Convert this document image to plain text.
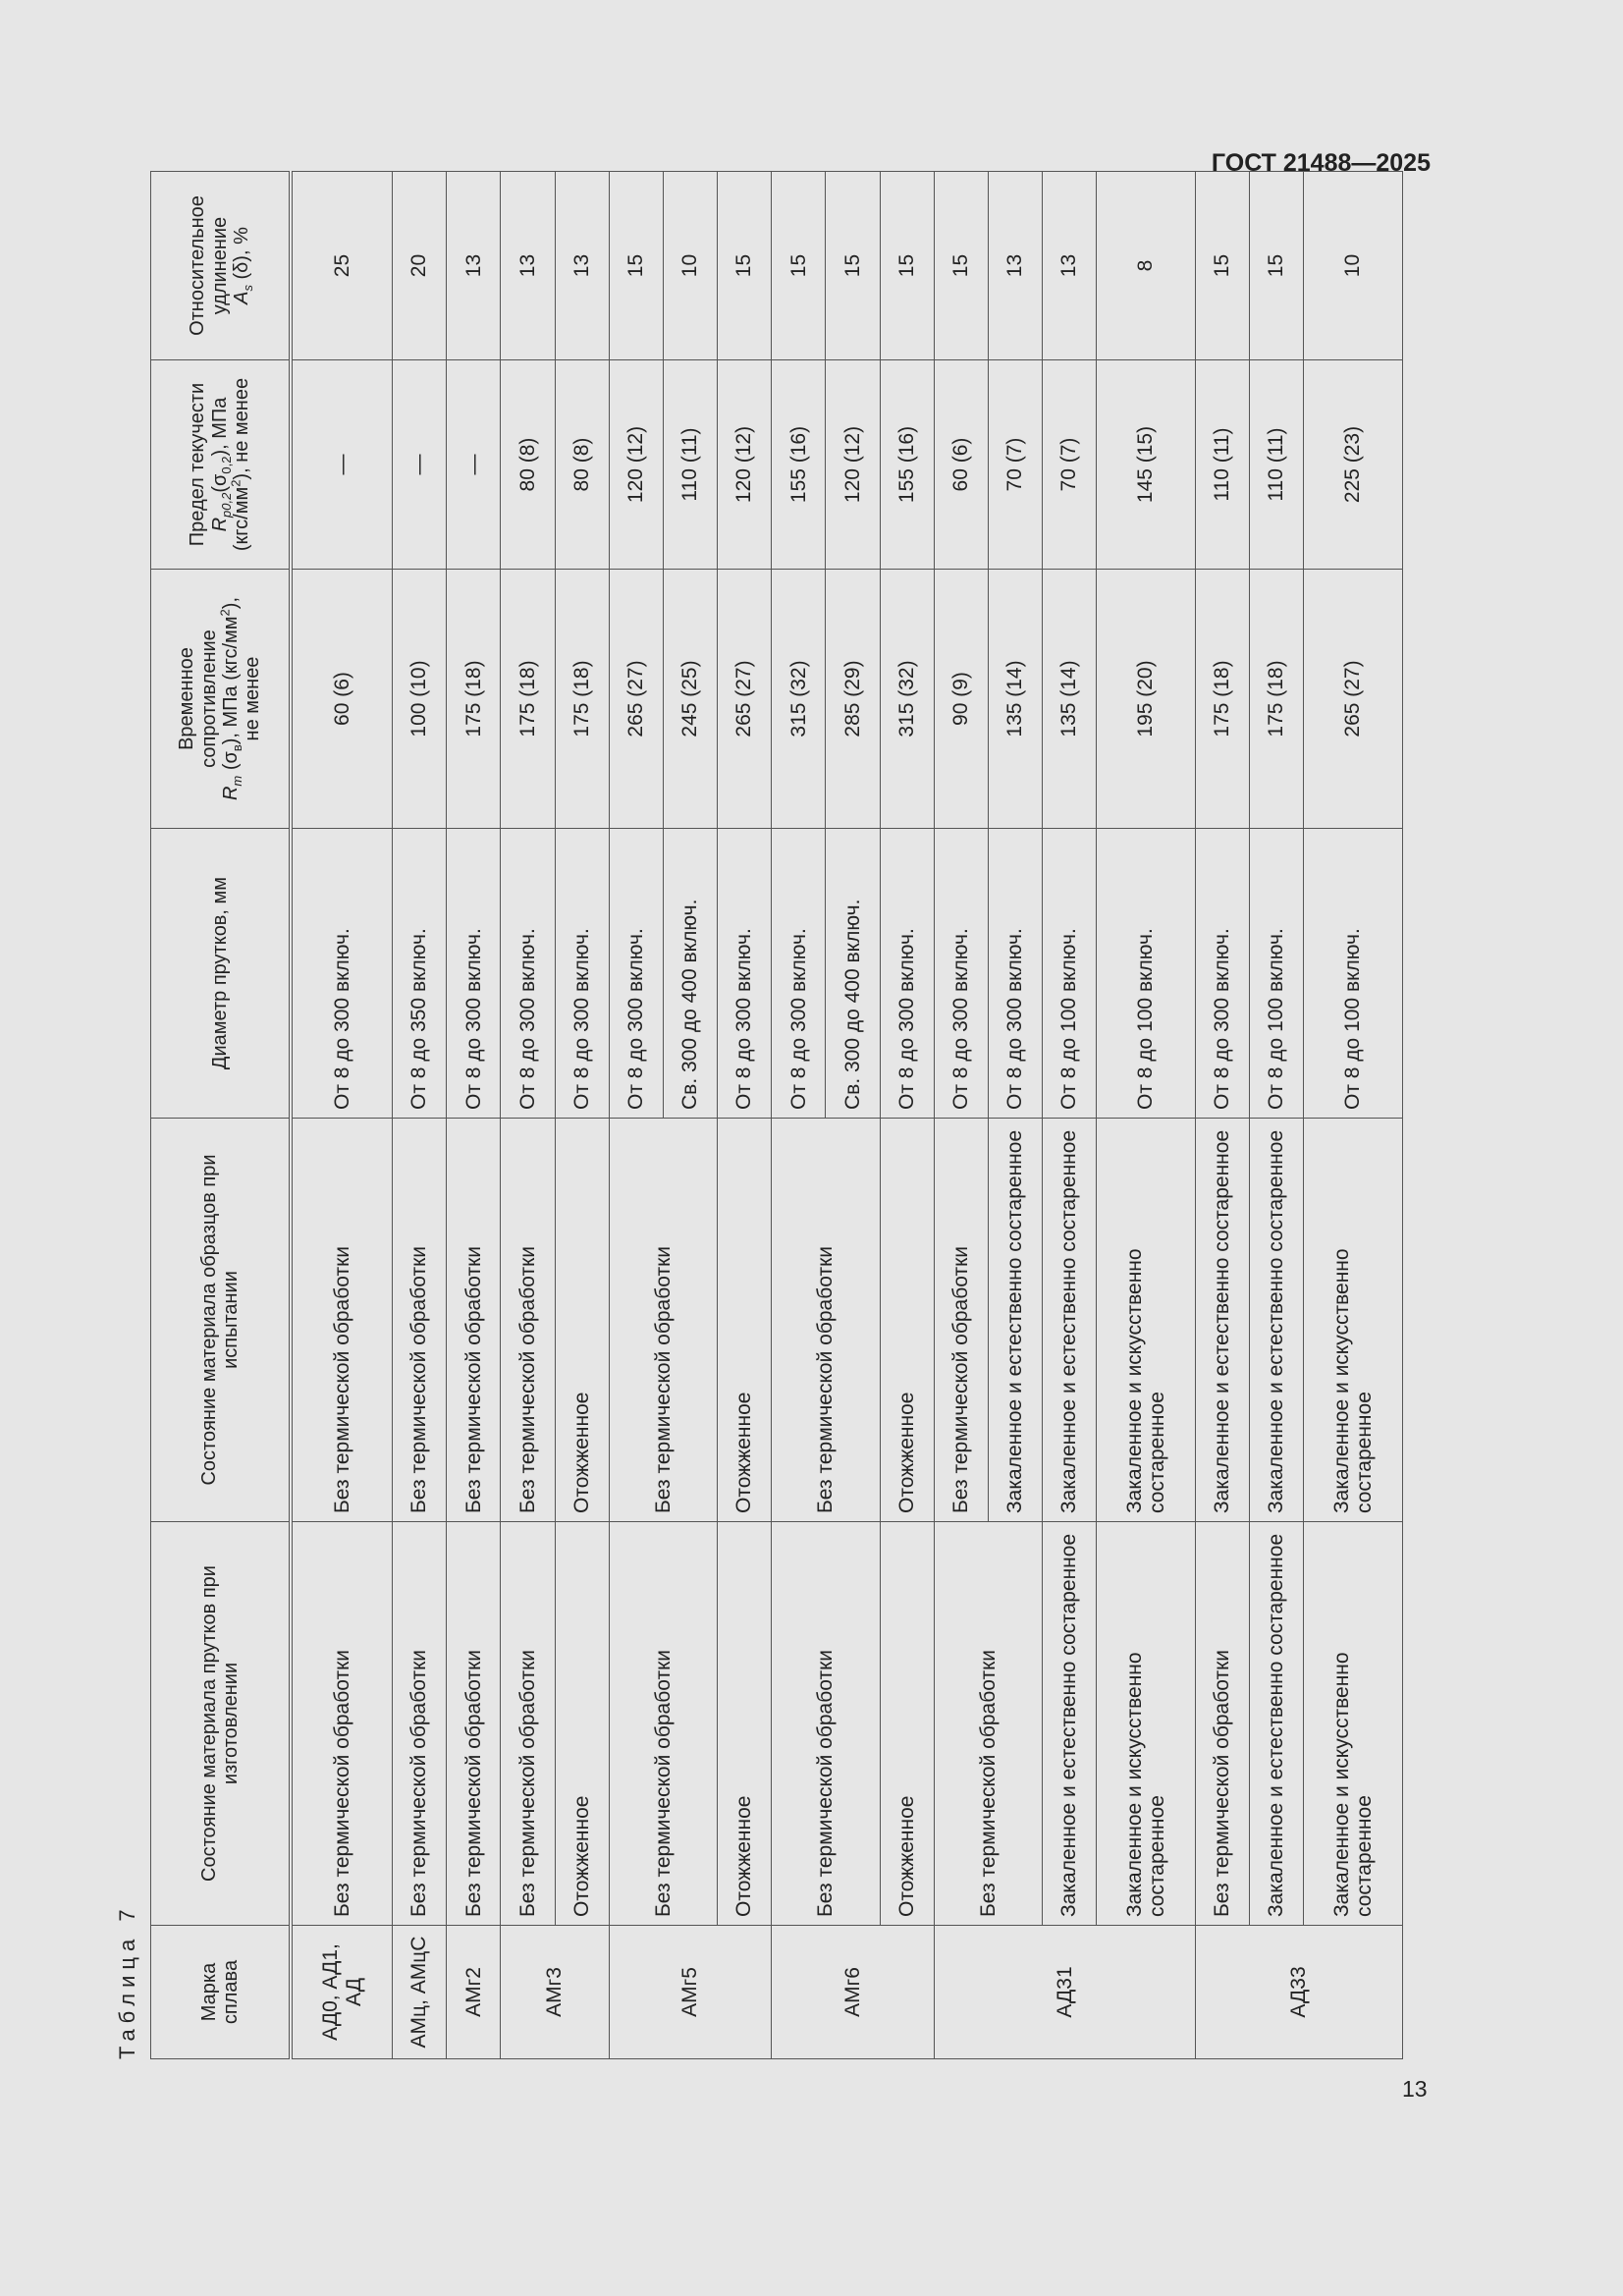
ГОСТ 21488—2025
Таблица 7	Марка сплава	Состояние материала прутков при изготовлении	Состояние материала образцов при испытании	Диаметр прутков, мм	Временное
сопротивление
$R_m$ $(\sigma_в)$, МПа $(кгс/мм^2)$,
не менее	Предел текучести
$R_{p0,2}(\sigma_{0,2})$, МПа
$(кгс/мм^2)$, не менее	Относительное
удлинение
$A_s$ (δ), %
АД0, АД1, АД	Без термической обработки	Без термической обработки	От 8 до 300 включ.	60 (6)	—	25
АМц, АМцС	Без термической обработки	Без термической обработки	От 8 до 350 включ.	100 (10)	—	20
АМг2	Без термической обработки	Без термической обработки	От 8 до 300 включ.	175 (18)	—	13
АМг3	Без термической обработки	Без термической обработки	От 8 до 300 включ.	175 (18)	80 (8)	13
	Отожженное	Отожженное	От 8 до 300 включ.	175 (18)	80 (8)	13
АМг5	Без термической обработки	Без термической обработки	От 8 до 300 включ.	265 (27)	120 (12)	15
			Св. 300 до 400 включ.	245 (25)	110 (11)	10
	Отожженное	Отожженное	От 8 до 300 включ.	265 (27)	120 (12)	15
АМг6	Без термической обработки	Без термической обработки	От 8 до 300 включ.	315 (32)	155 (16)	15
			Св. 300 до 400 включ.	285 (29)	120 (12)	15
	Отожженное	Отожженное	От 8 до 300 включ.	315 (32)	155 (16)	15
АД31	Без термической обработки	Без термической обработки	От 8 до 300 включ.	90 (9)	60 (6)	15
		Закаленное и естественно состаренное	От 8 до 300 включ.	135 (14)	70 (7)	13
	Закаленное и естественно состаренное	Закаленное и естественно состаренное	От 8 до 100 включ.	135 (14)	70 (7)	13
	Закаленное и искусственно состаренное	Закаленное и искусственно состаренное	От 8 до 100 включ.	195 (20)	145 (15)	8
АД33	Без термической обработки	Закаленное и естественно состаренное	От 8 до 300 включ.	175 (18)	110 (11)	15
	Закаленное и естественно состаренное	Закаленное и естественно состаренное	От 8 до 100 включ.	175 (18)	110 (11)	15
	Закаленное и искусственно состаренное	Закаленное и искусственно состаренное	От 8 до 100 включ.	265 (27)	225 (23)	10
13
